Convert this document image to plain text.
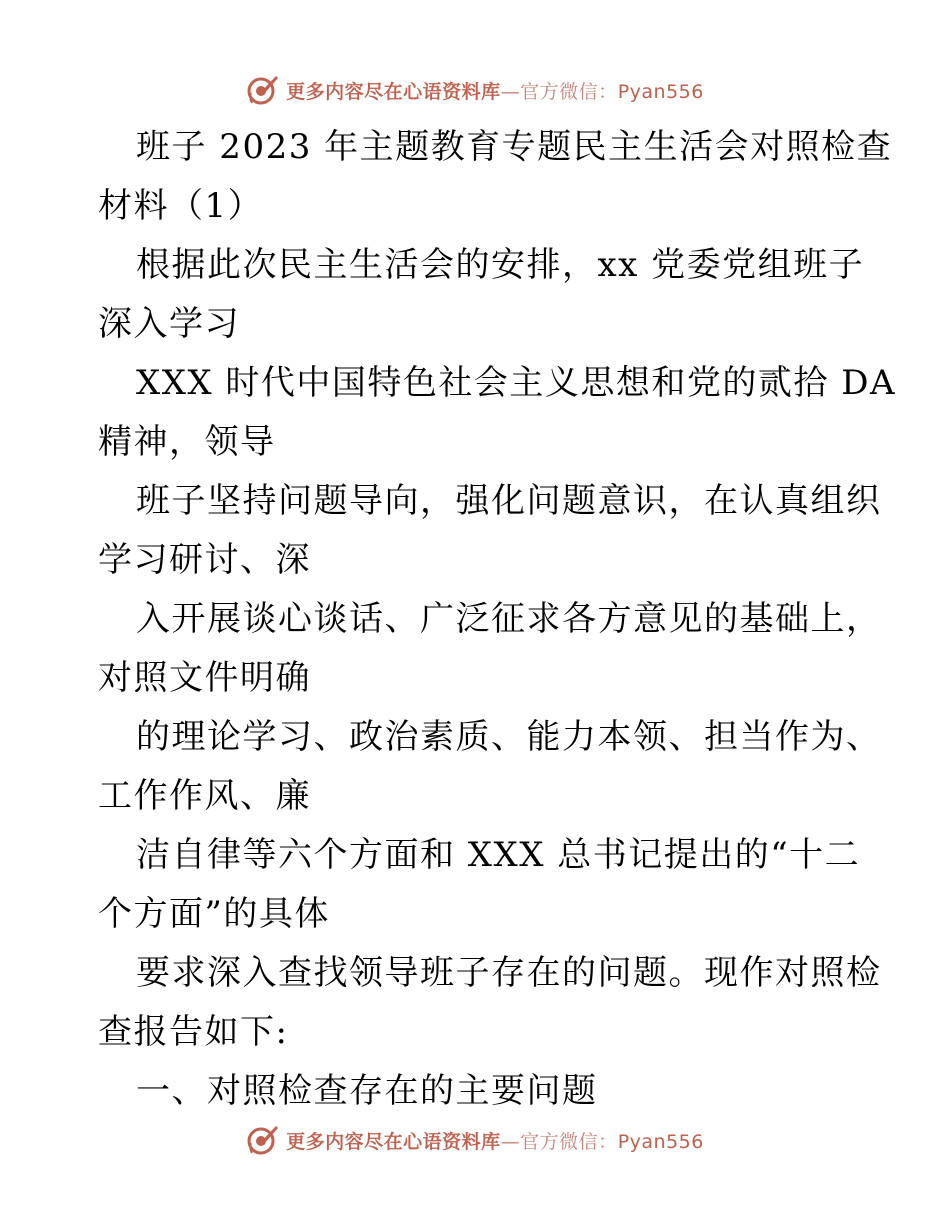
更多内容尽在心语资料库—官方微信：Pyan556
班子 2023 年主题教育专题民主生活会对照检查
材料（1）
根据此次民主生活会的安排，xx 党委党组班子
深入学习
XXX 时代中国特色社会主义思想和党的贰拾 DA
精神，领导
班子坚持问题导向，强化问题意识，在认真组织
学习研讨、深
入开展谈心谈话、广泛征求各方意见的基础上，
对照文件明确
的理论学习、政治素质、能力本领、担当作为、
工作作风、廉
洁自律等六个方面和 XXX 总书记提出的“十二
个方面”的具体
要求深入查找领导班子存在的问题。现作对照检
查报告如下:
一、对照检查存在的主要问题
更多内容尽在心语资料库—官方微信：Pyan556
